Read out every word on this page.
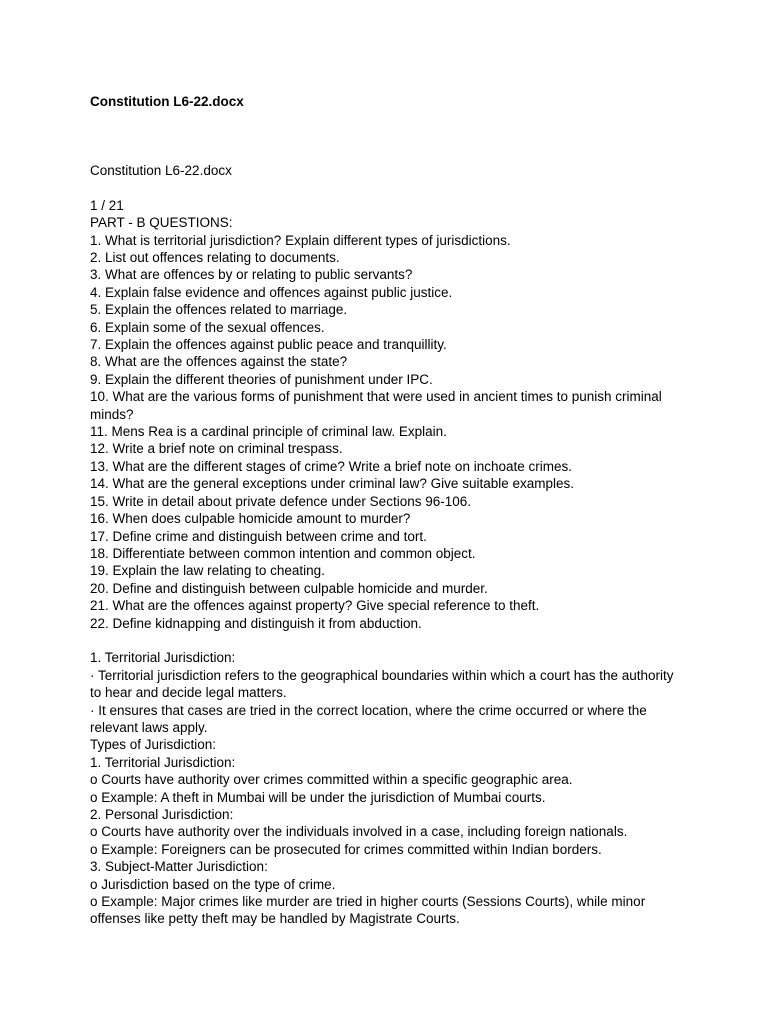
Constitution L6-22.docx
Constitution L6-22.docx
1 / 21
PART - B QUESTIONS:
1. What is territorial jurisdiction? Explain different types of jurisdictions.
2. List out offences relating to documents.
3. What are offences by or relating to public servants?
4. Explain false evidence and offences against public justice.
5. Explain the offences related to marriage.
6. Explain some of the sexual offences.
7. Explain the offences against public peace and tranquillity.
8. What are the offences against the state?
9. Explain the different theories of punishment under IPC.
10. What are the various forms of punishment that were used in ancient times to punish criminal minds?
11. Mens Rea is a cardinal principle of criminal law. Explain.
12. Write a brief note on criminal trespass.
13. What are the different stages of crime? Write a brief note on inchoate crimes.
14. What are the general exceptions under criminal law? Give suitable examples.
15. Write in detail about private defence under Sections 96-106.
16. When does culpable homicide amount to murder?
17. Define crime and distinguish between crime and tort.
18. Differentiate between common intention and common object.
19. Explain the law relating to cheating.
20. Define and distinguish between culpable homicide and murder.
21. What are the offences against property? Give special reference to theft.
22. Define kidnapping and distinguish it from abduction.
1. Territorial Jurisdiction:
· Territorial jurisdiction refers to the geographical boundaries within which a court has the authority to hear and decide legal matters.
· It ensures that cases are tried in the correct location, where the crime occurred or where the relevant laws apply.
Types of Jurisdiction:
1. Territorial Jurisdiction:
o Courts have authority over crimes committed within a specific geographic area.
o Example: A theft in Mumbai will be under the jurisdiction of Mumbai courts.
2. Personal Jurisdiction:
o Courts have authority over the individuals involved in a case, including foreign nationals.
o Example: Foreigners can be prosecuted for crimes committed within Indian borders.
3. Subject-Matter Jurisdiction:
o Jurisdiction based on the type of crime.
o Example: Major crimes like murder are tried in higher courts (Sessions Courts), while minor offenses like petty theft may be handled by Magistrate Courts.
